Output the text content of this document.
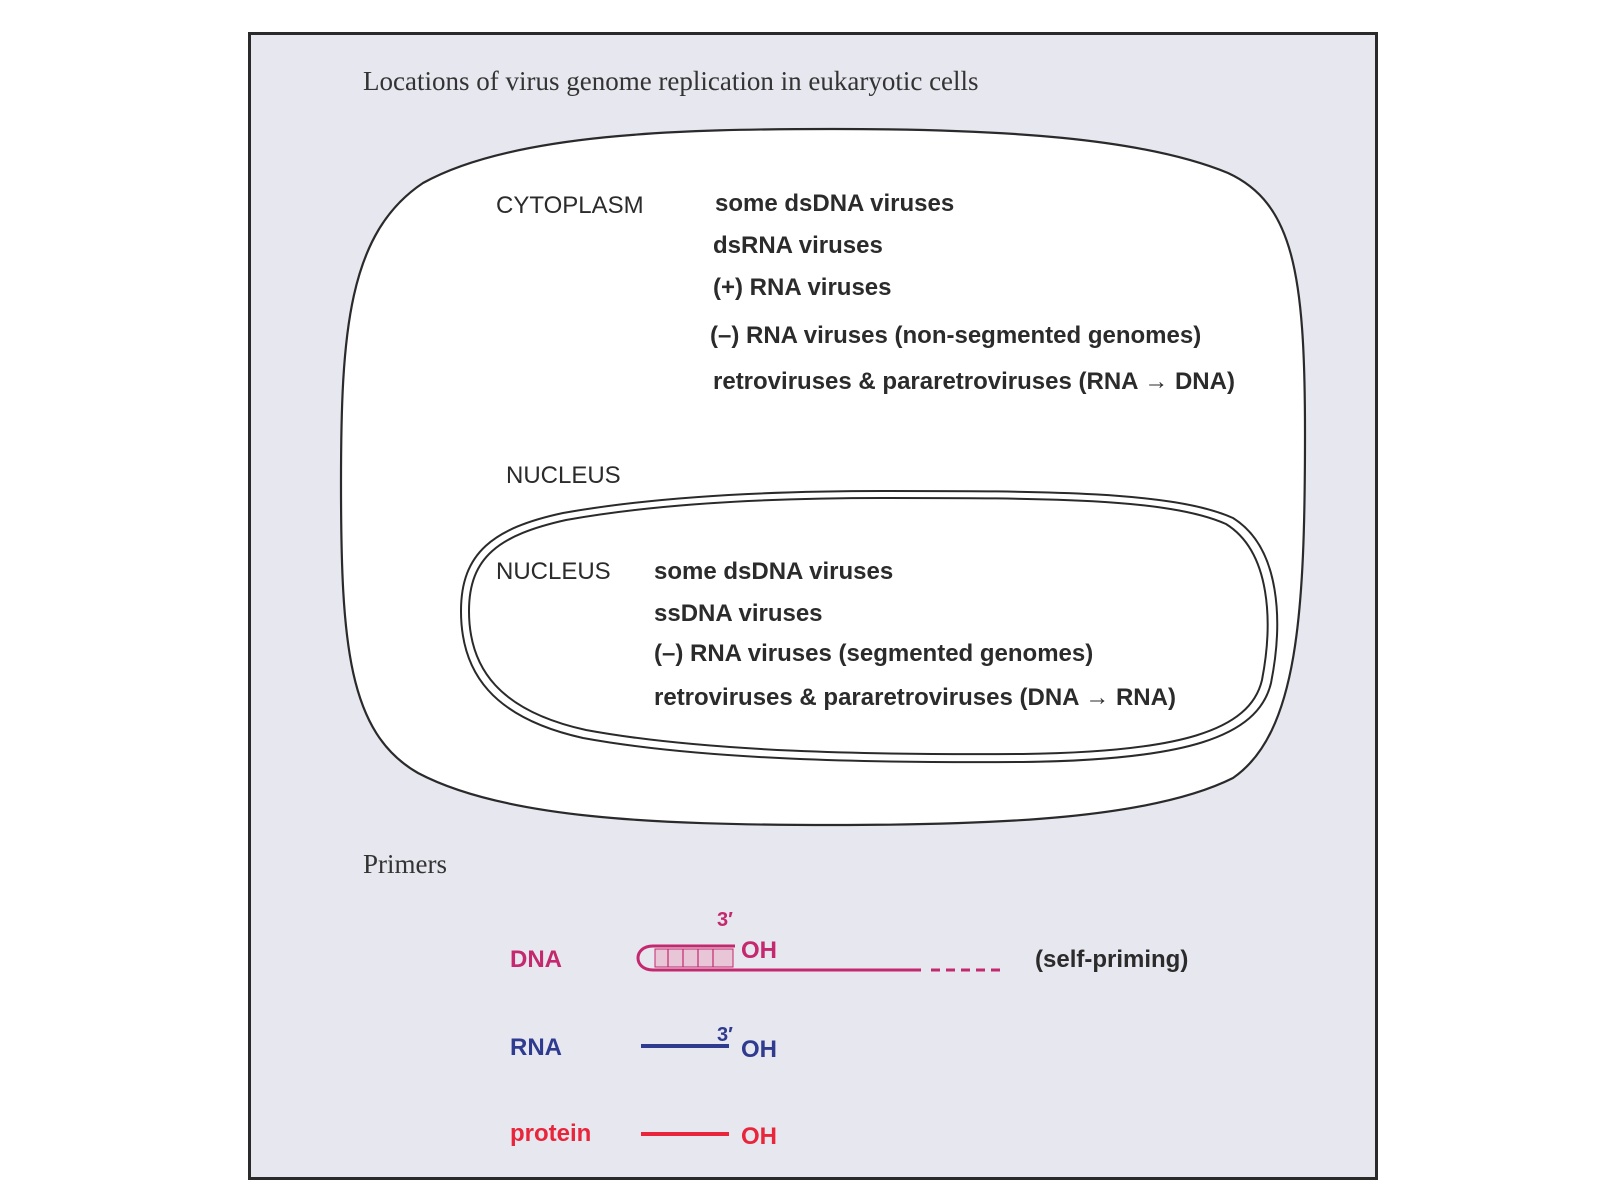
Locations of virus genome replication in eukaryotic cells
CYTOPLASM	some dsDNA viruses
dsRNA viruses
(+) RNA viruses
(–) RNA viruses (non-segmented genomes)
retroviruses & pararetroviruses (RNA → DNA)
NUCLEUS
NUCLEUS some dsDNA viruses
ssDNA viruses
(–) RNA viruses (segmented genomes)
retroviruses & pararetroviruses (DNA → RNA)
Primers
DNA
3′
OH	(self-priming)
RNA	3′
OH
protein	OH
